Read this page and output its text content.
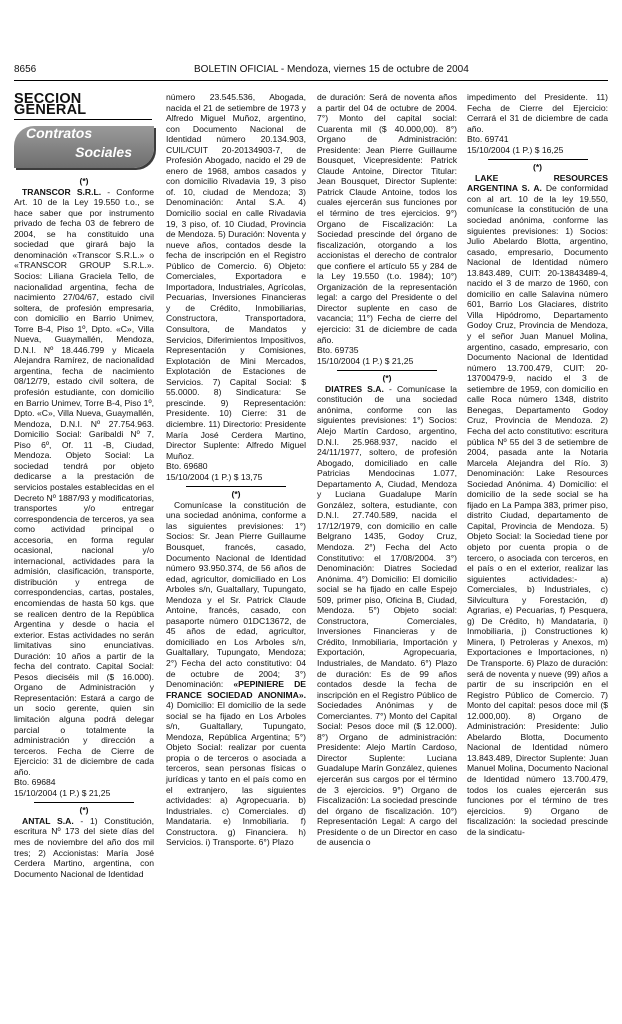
8656	BOLETIN OFICIAL - Mendoza, viernes 15 de octubre de 2004
SECCION GENERAL
Contratos
Sociales

(*)

TRANSCOR S.R.L. - Conforme Art. 10 de la Ley 19.550 t.o., se hace saber que por instrumento privado de fecha 03 de febrero de 2004, se ha constituido una sociedad que girará bajo la denominación «Transcor S.R.L.» o «TRANSCOR GROUP S.R.L.». Socios: Liliana Graciela Tello, de nacionalidad argentina, fecha de nacimiento 27/04/67, estado civil soltera, de profesión empresaria, con domicilio en Barrio Unimev, Torre B-4, Piso 1º, Dpto. «C», Villa Nueva, Guaymallén, Mendoza, D.N.I. Nº 18.446.799 y Micaela Alejandra Ramírez, de nacionalidad argentina, fecha de nacimiento 08/12/79, estado civil soltera, de profesión estudiante, con domicilio en Barrio Unimev, Torre B-4, Piso 1º, Dpto. «C», Villa Nueva, Guaymallén, Mendoza, D.N.I. Nº 27.754.963. Domicilio Social: Garibaldi Nº 7, Piso 6º, Of. 11 -B, Ciudad, Mendoza. Objeto Social: La sociedad tendrá por objeto dedicarse a la prestación de servicios postales establecidas en el Decreto Nº 1887/93 y modificatorias, transportes y/o entregar correspondencia de terceros, ya sea como actividad principal o accesoria, en forma regular ocasional, nacional y/o internacional, actividades para la admisión, clasificación, transporte, distribución y entrega de correspondencias, cartas, postales, encomiendas de hasta 50 kgs. que se realicen dentro de la República Argentina y desde o hacia el exterior. Estas actividades no serán limitativas sino enunciativas. Duración: 10 años a partir de la fecha del contrato. Capital Social: Pesos dieciséis mil ($ 16.000). Organo de Administración y Representación: Estará a cargo de un socio gerente, quien sin limitación alguna podrá delegar parcial o totalmente la administración y dirección a terceros. Fecha de Cierre de Ejercicio: 31 de diciembre de cada año.

Bto. 69684

15/10/2004 (1 P.) $ 21,25

(*)

ANTAL S.A. - 1) Constitución, escritura Nº 173 del siete días del mes de noviembre del año dos mil tres; 2) Accionistas: María José Cerdera Martino, argentina, con Documento Nacional de Identidad

número 23.545.536, Abogada, nacida el 21 de setiembre de 1973 y Alfredo Miguel Muñoz, argentino, con Documento Nacional de Identidad número 20.134.903, CUIL/CUIT 20-20134903-7, de Profesión Abogado, nacido el 29 de enero de 1968, ambos casados y con domicilio Rivadavia 19, 3 piso of. 10, ciudad de Mendoza; 3) Denominación: Antal S.A. 4) Domicilio social en calle Rivadavia 19, 3 piso, of. 10 Ciudad, Provincia de Mendoza. 5) Duración: Noventa y nueve años, contados desde la fecha de inscripción en el Registro Público de Comercio. 6) Objeto: Comerciales, Exportadora e Importadora, Industriales, Agrícolas, Pecuarias, Inversiones Financieras y de Crédito, Inmobiliarias, Constructora, Transportadora, Consultora, de Mandatos y Servicios, Diferimientos Impositivos, Representación y Comisiones, Explotación de Mini Mercados, Explotación de Estaciones de Servicios. 7) Capital Social: $ 55.0000. 8) Sindicatura: Se prescinde. 9) Representación: Presidente. 10) Cierre: 31 de diciembre. 11) Directorio: Presidente María José Cerdera Martino, Director Suplente: Alfredo Miguel Muñoz.

Bto. 69680

15/10/2004 (1 P.) $ 13,75

(*)

Comunícase la constitución de una sociedad anónima, conforme a las siguientes previsiones: 1°) Socios: Sr. Jean Pierre Guillaume Bousquet, francés, casado, Documento Nacional de Identidad número 93.950.374, de 56 años de edad, agricultor, domiciliado en Los Arboles s/n, Gualtallary, Tupungato, Mendoza y el Sr. Patrick Claude Antoine, francés, casado, con pasaporte número 01DC13672, de 45 años de edad, agricultor, domiciliado en Los Arboles s/n, Gualtallary, Tupungato, Mendoza; 2°) Fecha del acto constitutivo: 04 de octubre de 2004; 3°) Denominación: «PEPINIERE DE FRANCE SOCIEDAD ANONIMA». 4) Domicilio: El domicilio de la sede social se ha fijado en Los Arboles s/n, Gualtallary, Tupungato, Mendoza, República Argentina; 5°) Objeto Social: realizar por cuenta propia o de terceros o asociada a terceros, sean personas físicas o jurídicas y tanto en el país como en el extranjero, las siguientes actividades: a) Agropecuaria. b) Industriales. c) Comerciales. d) Mandataria. e) Inmobiliaria. f) Constructora. g) Financiera. h) Servicios. i) Transporte. 6°) Plazo

de duración: Será de noventa años a partir del 04 de octubre de 2004. 7°) Monto del capital social: Cuarenta mil ($ 40.000,00). 8°) Organo de Administración: Presidente: Jean Pierre Guillaume Bousquet, Vicepresidente: Patrick Claude Antoine, Director Titular: Jean Bousquet, Director Suplente: Patrick Claude Antoine, todos los cuales ejercerán sus funciones por el término de tres ejercicios. 9°) Organo de Fiscalización: La Sociedad prescinde del órgano de fiscalización, otorgando a los accionistas el derecho de contralor que confiere el artículo 55 y 284 de la Ley 19.550 (t.o. 1984); 10°) Organización de la representación legal: a cargo del Presidente o del Director suplente en caso de vacancia; 11°) Fecha de cierre del ejercicio: 31 de diciembre de cada año.

Bto. 69735

15/10/2004 (1 P.) $ 21,25

(*)

DIATRES S.A. - Comunícase la constitución de una sociedad anónima, conforme con las siguientes previsiones: 1°) Socios: Alejo Martín Cardoso, argentino, D.N.I. 25.968.937, nacido el 24/11/1977, soltero, de profesión Abogado, domiciliado en calle Patricias Mendocinas 1.077, Departamento A, Ciudad, Mendoza y Luciana Guadalupe Marín González, soltera, estudiante, con D.N.I. 27.740.589, nacida el 17/12/1979, con domicilio en calle Belgrano 1435, Godoy Cruz, Mendoza. 2°) Fecha del Acto Constitutivo: el 17/08/2004. 3°) Denominación: Diatres Sociedad Anónima. 4°) Domicilio: El domicilio social se ha fijado en calle Espejo 509, primer piso, Oficina B, Ciudad, Mendoza. 5°) Objeto social: Constructora, Comerciales, Inversiones Financieras y de Crédito, Inmobiliaria, Importación y Exportación, Agropecuaria, Industriales, de Mandato. 6°) Plazo de duración: Es de 99 años contados desde la fecha de inscripción en el Registro Público de Sociedades Anónimas y de Comerciantes. 7°) Monto del Capital Social: Pesos doce mil ($ 12.000). 8°) Organo de administración: Presidente: Alejo Martín Cardoso, Director Suplente: Luciana Guadalupe Marín González, quienes ejercerán sus cargos por el término de 3 ejercicios. 9°) Organo de Fiscalización: La sociedad prescinde del órgano de fiscalización. 10°) Representación Legal: A cargo del Presidente o de un Director en caso de ausencia o

impedimento del Presidente. 11) Fecha de Cierre del Ejercicio: Cerrará el 31 de diciembre de cada año.

Bto. 69741

15/10/2004 (1 P.) $ 16,25

(*)

LAKE RESOURCES ARGENTINA S. A. De conformidad con al art. 10 de la ley 19.550, comunícase la constitución de una sociedad anónima, conforme las siguientes previsiones: 1) Socios: Julio Abelardo Blotta, argentino, casado, empresario, Documento Nacional de Identidad número 13.843.489, CUIT: 20-13843489-4, nacido el 3 de marzo de 1960, con domicilio en calle Salavina número 601, Barrio Los Glaciares, distrito Villa Hipódromo, Departamento Godoy Cruz, Provincia de Mendoza, y el señor Juan Manuel Molina, argentino, casado, empresario, con Documento Nacional de Identidad número 13.700.479, CUIT: 20-13700479-9, nacido el 3 de setiembre de 1959, con domicilio en calle Roca número 1348, distrito Benegas, Departamento Godoy Cruz, Provincia de Mendoza. 2) Fecha del acto constitutivo: escritura pública Nº 55 del 3 de setiembre de 2004, pasada ante la Notaria Marcela Alejandra del Río. 3) Denominación: Lake Resources Sociedad Anónima. 4) Domicilio: el domicilio de la sede social se ha fijado en La Pampa 383, primer piso, distrito Ciudad, departamento de Capital, Provincia de Mendoza. 5) Objeto Social: la Sociedad tiene por objeto por cuenta propia o de tercero, o asociada con terceros, en el país o en el exterior, realizar las siguientes actividades:- a) Comerciales, b) Industriales, c) Silvicultura y Forestación, d) Agrarias, e) Pecuarias, f) Pesquera, g) De Crédito, h) Mandataria, i) Inmobiliaria, j) Constructiones k) Minera, l) Petroleras y Anexos, m) Exportaciones e Importaciones, n) De Transporte. 6) Plazo de duración: será de noventa y nueve (99) años a partir de su inscripción en el Registro Público de Comercio. 7) Monto del capital: pesos doce mil ($ 12.000,00). 8) Organo de Administración: Presidente: Julio Abelardo Blotta, Documento Nacional de Identidad número 13.843.489, Director Suplente: Juan Manuel Molina, Documento Nacional de Identidad número 13.700.479, todos los cuales ejercerán sus funciones por el término de tres ejercicios. 9) Organo de fiscalización: la sociedad prescinde de la sindicatu-
